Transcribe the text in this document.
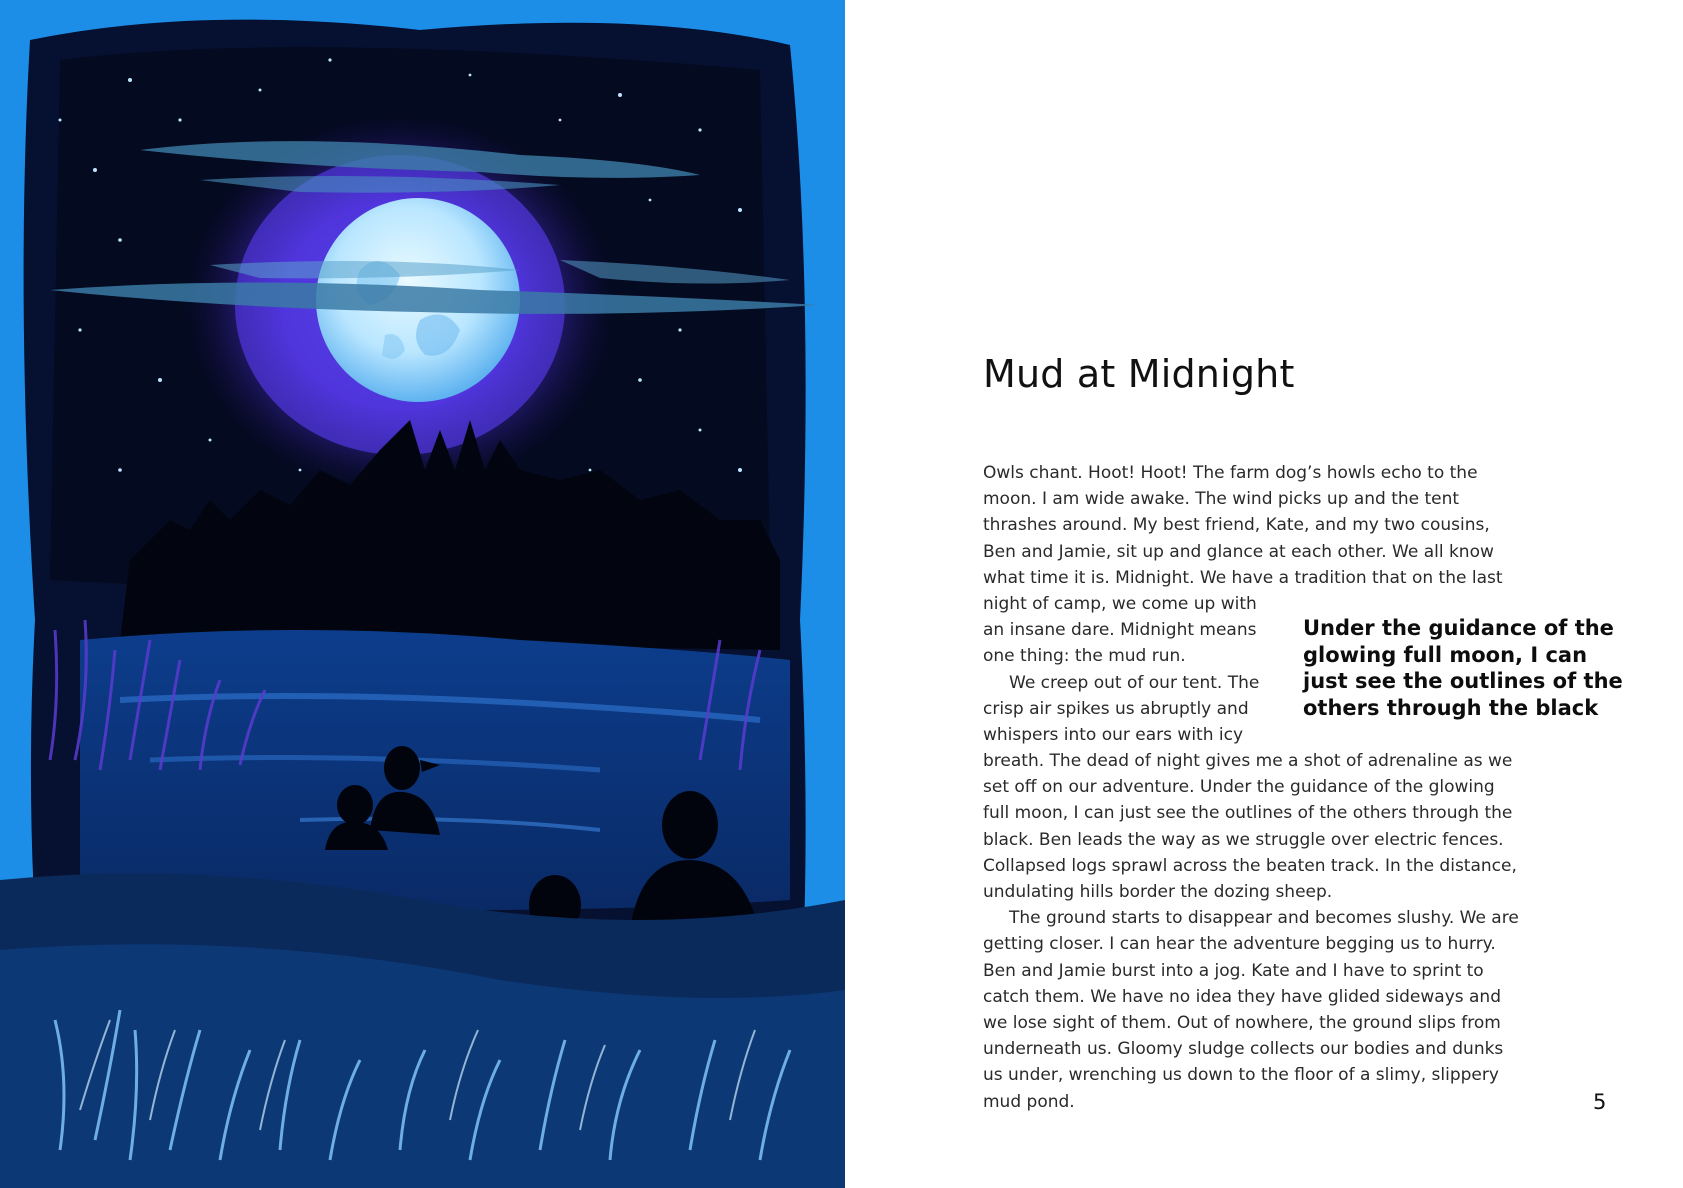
Mud at Midnight
Owls chant. Hoot! Hoot! The farm dog’s howls echo to the
moon. I am wide awake. The wind picks up and the tent
thrashes around. My best friend, Kate, and my two cousins,
Ben and Jamie, sit up and glance at each other. We all know
what time it is. Midnight. We have a tradition that on the last
night of camp, we come up with
an insane dare. Midnight means
one thing: the mud run.
We creep out of our tent. The
crisp air spikes us abruptly and
whispers into our ears with icy
Under the guidance of the
glowing full moon, I can
just see the outlines of the
others through the black
breath. The dead of night gives me a shot of adrenaline as we
set off on our adventure. Under the guidance of the glowing
full moon, I can just see the outlines of the others through the
black. Ben leads the way as we struggle over electric fences.
Collapsed logs sprawl across the beaten track. In the distance,
undulating hills border the dozing sheep.
The ground starts to disappear and becomes slushy. We are
getting closer. I can hear the adventure begging us to hurry.
Ben and Jamie burst into a jog. Kate and I have to sprint to
catch them. We have no idea they have glided sideways and
we lose sight of them. Out of nowhere, the ground slips from
underneath us. Gloomy sludge collects our bodies and dunks
us under, wrenching us down to the floor of a slimy, slippery
mud pond.	5
